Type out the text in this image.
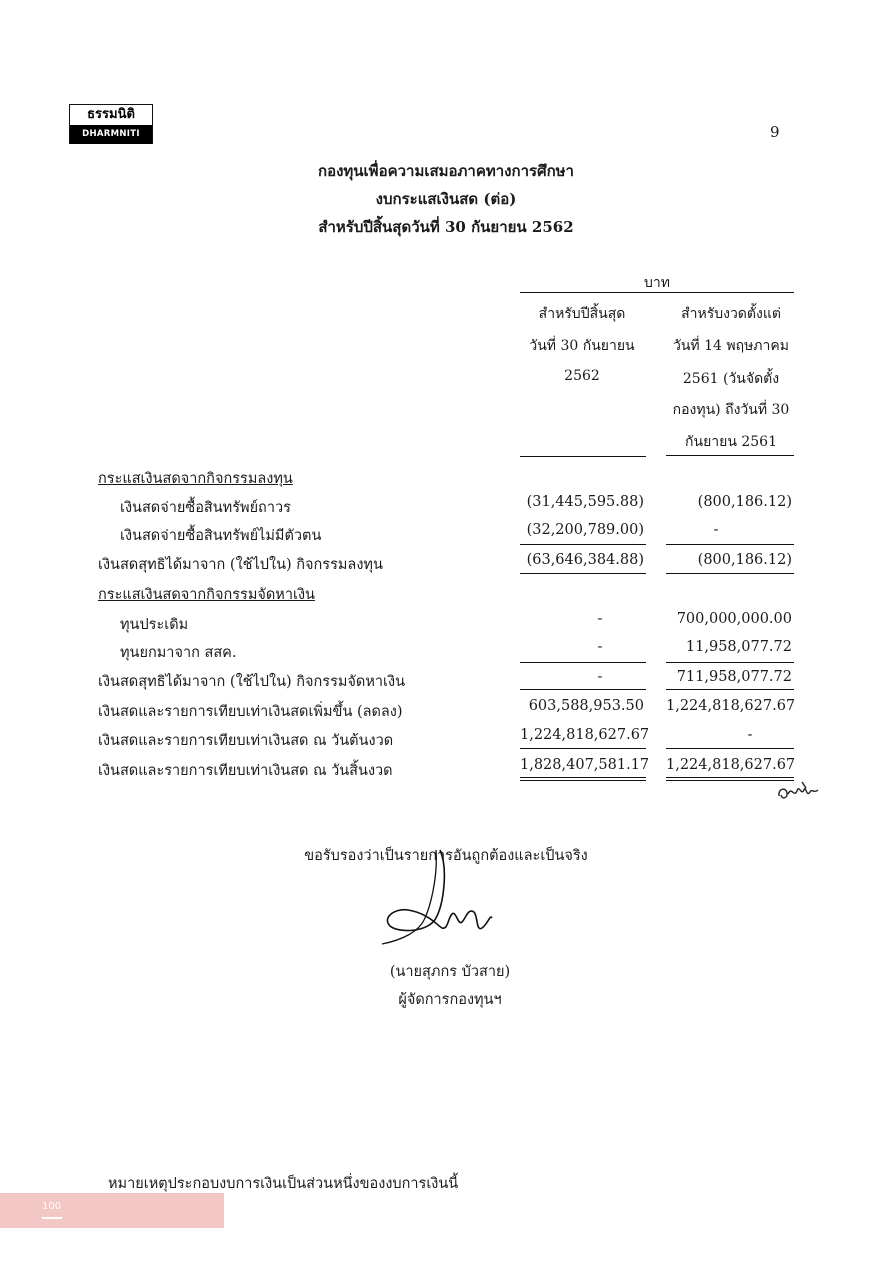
ธรรมนิติ
DHARMNITI	9
กองทุนเพื่อความเสมอภาคทางการศึกษา
งบกระแสเงินสด (ต่อ)
สำหรับปีสิ้นสุดวันที่ 30 กันยายน 2562
บาท
สำหรับปีสิ้นสุด
วันที่ 30 กันยายน
2562
สำหรับงวดตั้งแต่
วันที่ 14 พฤษภาคม
2561 (วันจัดตั้ง
กองทุน) ถึงวันที่ 30
กันยายน 2561
กระแสเงินสดจากกิจกรรมลงทุน
เงินสดจ่ายซื้อสินทรัพย์ถาวร	(31,445,595.88)	(800,186.12)
เงินสดจ่ายซื้อสินทรัพย์ไม่มีตัวตน	(32,200,789.00)	-
เงินสดสุทธิได้มาจาก (ใช้ไปใน) กิจกรรมลงทุน	(63,646,384.88)	(800,186.12)
กระแสเงินสดจากกิจกรรมจัดหาเงิน
ทุนประเดิม	-	700,000,000.00
ทุนยกมาจาก สสค.	-	11,958,077.72
เงินสดสุทธิได้มาจาก (ใช้ไปใน) กิจกรรมจัดหาเงิน	-	711,958,077.72
เงินสดและรายการเทียบเท่าเงินสดเพิ่มขึ้น (ลดลง)	603,588,953.50 1,224,818,627.67
เงินสดและรายการเทียบเท่าเงินสด ณ วันต้นงวด	1,224,818,627.67	-
เงินสดและรายการเทียบเท่าเงินสด ณ วันสิ้นงวด	1,828,407,581.17 1,224,818,627.67
ขอรับรองว่าเป็นรายการอันถูกต้องและเป็นจริง
(นายสุภกร บัวสาย)
ผู้จัดการกองทุนฯ
หมายเหตุประกอบงบการเงินเป็นส่วนหนึ่งของงบการเงินนี้
100
